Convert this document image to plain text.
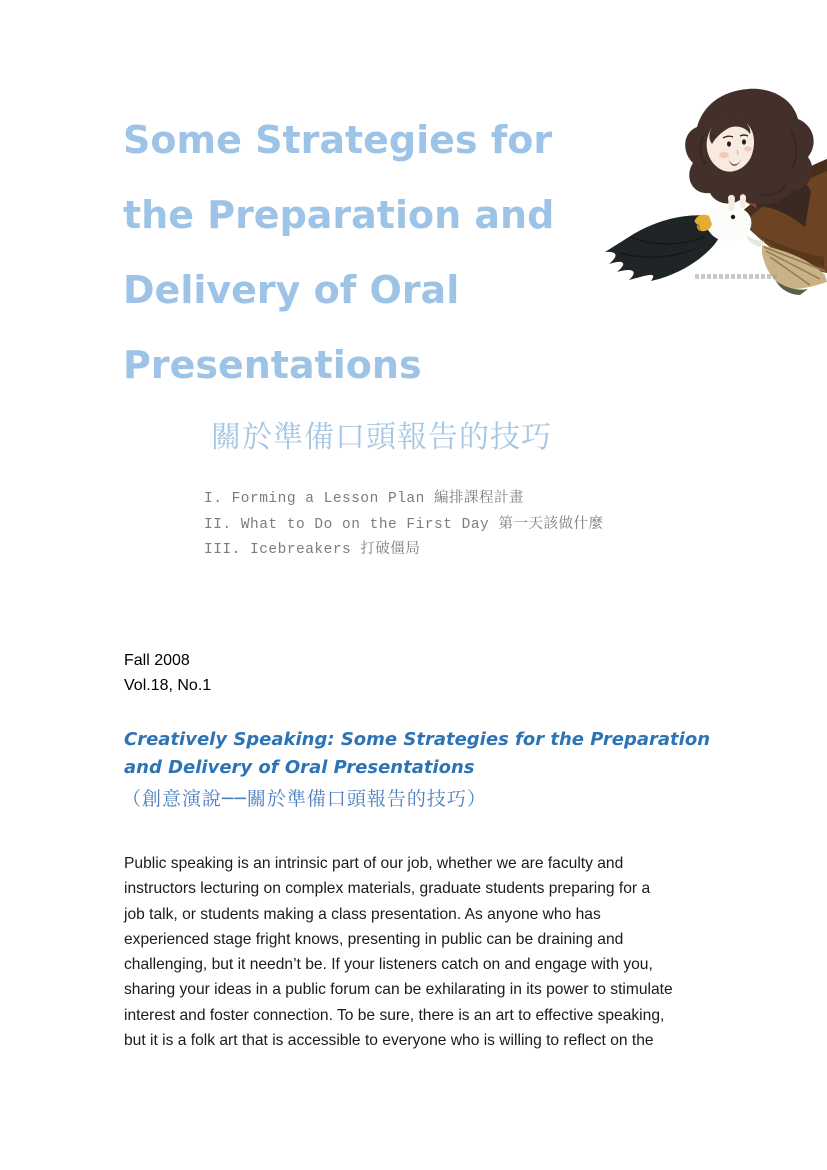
Some Strategies for
the Preparation and
Delivery of Oral
Presentations
關於準備口頭報告的技巧
I. Forming a Lesson Plan 編排課程計畫
II. What to Do on the First Day 第一天該做什麼
III. Icebreakers 打破僵局
Fall 2008
Vol.18, No.1
Creatively Speaking: Some Strategies for the Preparation
and Delivery of Oral Presentations
（創意演說──關於準備口頭報告的技巧）
Public speaking is an intrinsic part of our job, whether we are faculty and
instructors lecturing on complex materials, graduate students preparing for a
job talk, or students making a class presentation. As anyone who has
experienced stage fright knows, presenting in public can be draining and
challenging, but it needn’t be. If your listeners catch on and engage with you,
sharing your ideas in a public forum can be exhilarating in its power to stimulate
interest and foster connection. To be sure, there is an art to effective speaking,
but it is a folk art that is accessible to everyone who is willing to reflect on the
